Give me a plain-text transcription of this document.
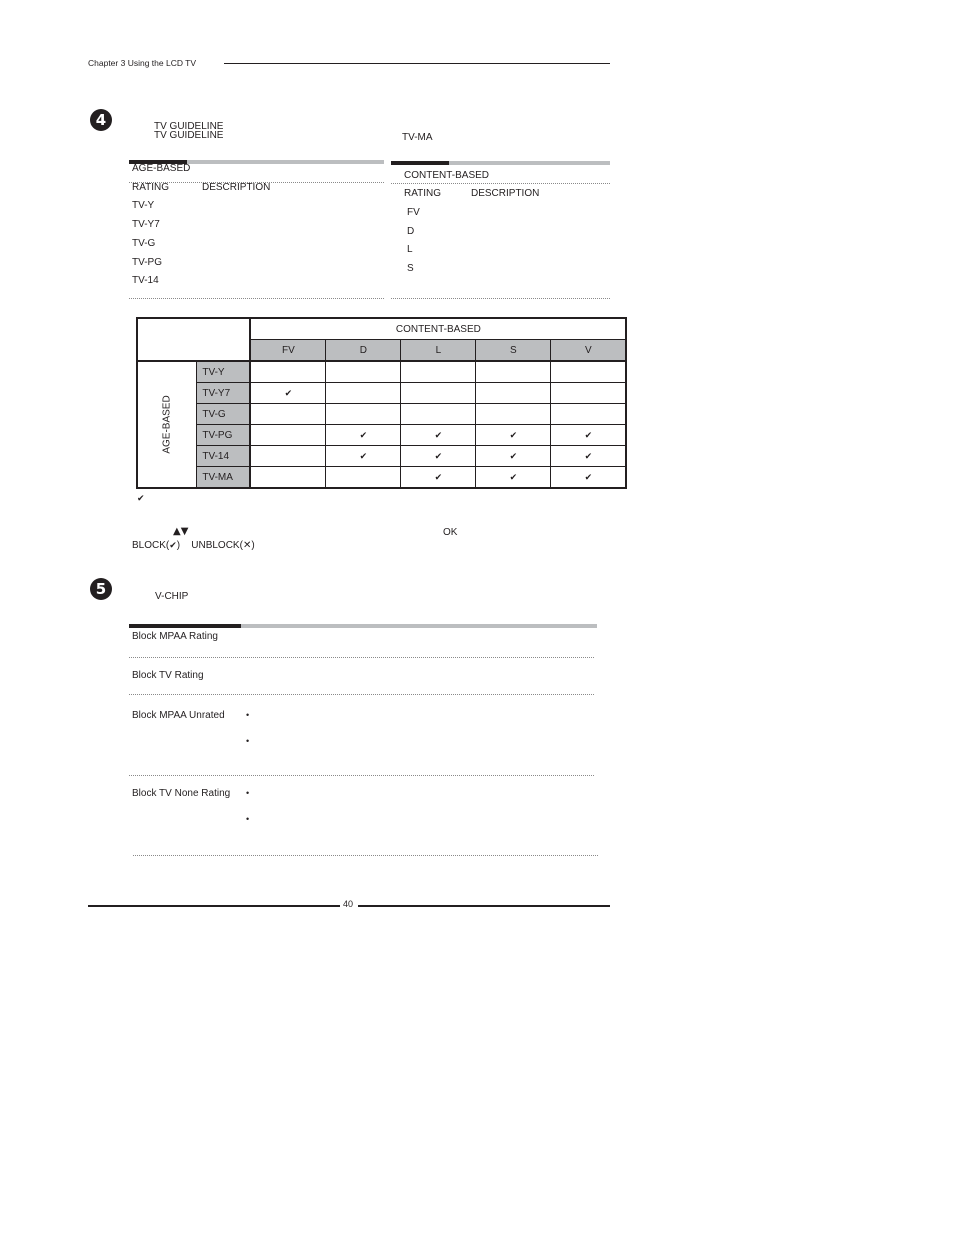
Chapter 3 Using the LCD TV
4	TV GUIDELINE
TV GUIDELINE	TV-MA
AGE-BASED
RATING	DESCRIPTION
TV-Y
TV-Y7
TV-G
TV-PG
TV-14
CONTENT-BASED
RATING	DESCRIPTION
FV
D
L
S
		CONTENT-BASED				
		FV	D	L	S	V
AGE-BASED	TV-Y					
	TV-Y7	✔				
	TV-G					
	TV-PG		✔	✔	✔	✔
	TV-14		✔	✔	✔	✔
	TV-MA			✔	✔	✔
✔
▲▼	OK
BLOCK(✔) UNBLOCK(✕)
5	V-CHIP
Block MPAA Rating
Block TV Rating
Block MPAA Unrated •
•
Block TV None Rating •
•
40
